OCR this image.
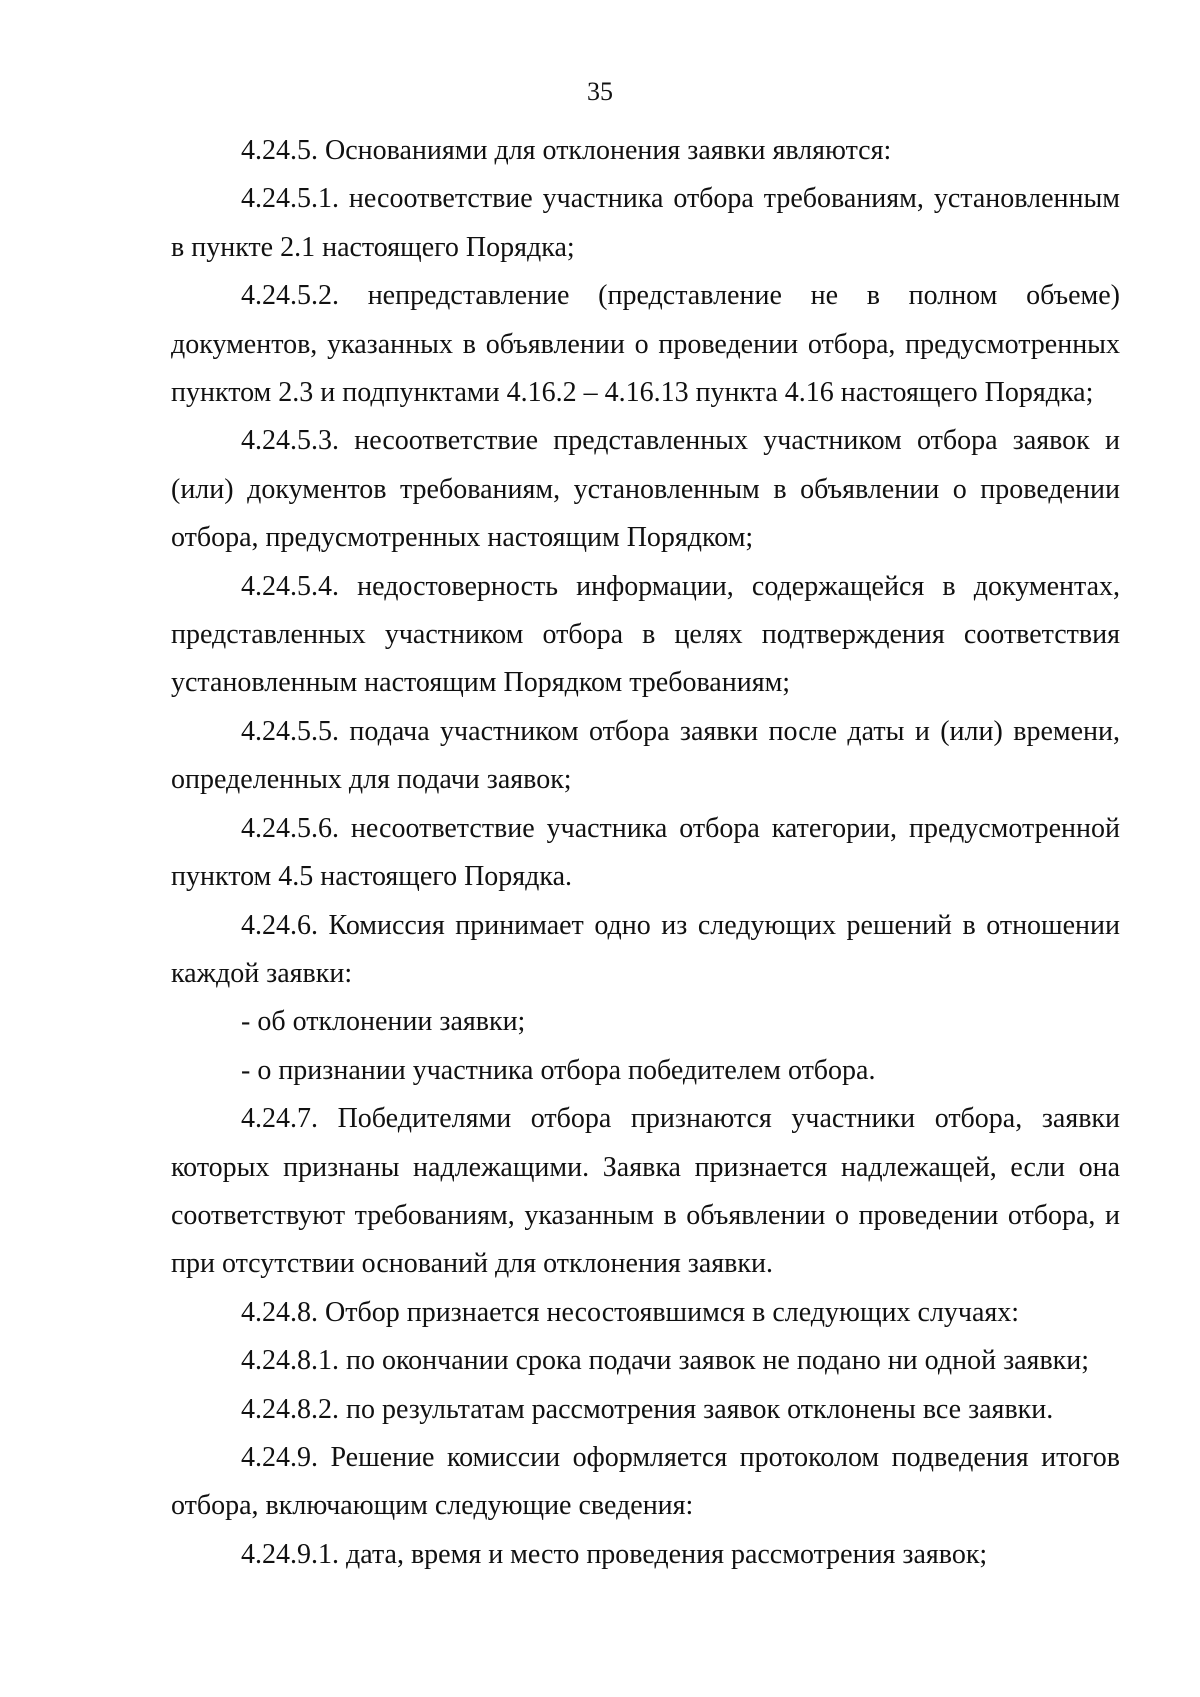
35

4.24.5. Основаниями для отклонения заявки являются:

4.24.5.1. несоответствие участника отбора требованиям, установленным в пункте 2.1 настоящего Порядка;

4.24.5.2. непредставление (представление не в полном объеме) документов, указанных в объявлении о проведении отбора, предусмотренных пунктом 2.3 и подпунктами 4.16.2 – 4.16.13 пункта 4.16 настоящего Порядка;

4.24.5.3. несоответствие представленных участником отбора заявок и (или) документов требованиям, установленным в объявлении о проведении отбора, предусмотренных настоящим Порядком;

4.24.5.4. недостоверность информации, содержащейся в документах, представленных участником отбора в целях подтверждения соответствия установленным настоящим Порядком требованиям;

4.24.5.5. подача участником отбора заявки после даты и (или) времени, определенных для подачи заявок;

4.24.5.6. несоответствие участника отбора категории, предусмотренной пунктом 4.5 настоящего Порядка.

4.24.6. Комиссия принимает одно из следующих решений в отношении каждой заявки:

- об отклонении заявки;

- о признании участника отбора победителем отбора.

4.24.7. Победителями отбора признаются участники отбора, заявки которых признаны надлежащими. Заявка признается надлежащей, если она соответствуют требованиям, указанным в объявлении о проведении отбора, и при отсутствии оснований для отклонения заявки.

4.24.8. Отбор признается несостоявшимся в следующих случаях:

4.24.8.1. по окончании срока подачи заявок не подано ни одной заявки;

4.24.8.2. по результатам рассмотрения заявок отклонены все заявки.

4.24.9. Решение комиссии оформляется протоколом подведения итогов отбора, включающим следующие сведения:

4.24.9.1. дата, время и место проведения рассмотрения заявок;
